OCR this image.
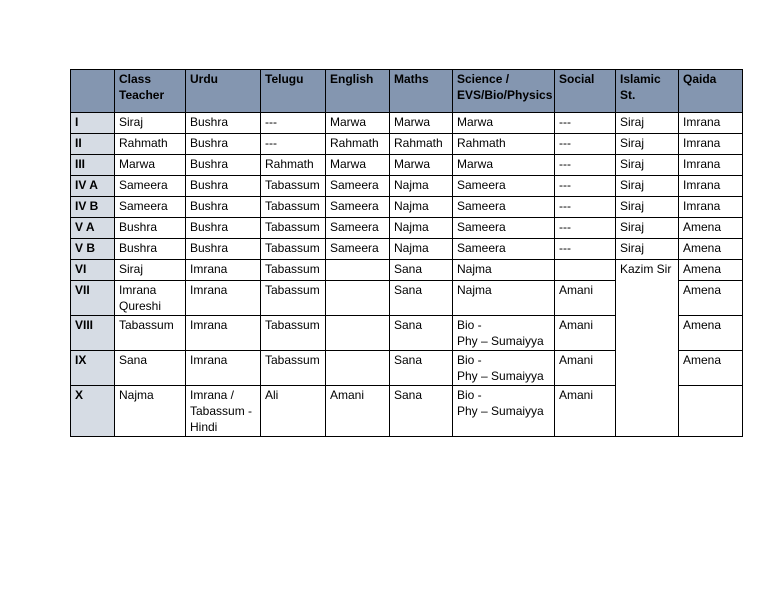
	Class
Teacher	Urdu	Telugu	English	Maths	Science /
EVS/Bio/Physics	Social	Islamic
St.	Qaida
I	Siraj	Bushra	---	Marwa	Marwa	Marwa	---	Siraj	Imrana
II	Rahmath	Bushra	---	Rahmath	Rahmath	Rahmath	---	Siraj	Imrana
III	Marwa	Bushra	Rahmath	Marwa	Marwa	Marwa	---	Siraj	Imrana
IV A	Sameera	Bushra	Tabassum	Sameera	Najma	Sameera	---	Siraj	Imrana
IV B	Sameera	Bushra	Tabassum	Sameera	Najma	Sameera	---	Siraj	Imrana
V A	Bushra	Bushra	Tabassum	Sameera	Najma	Sameera	---	Siraj	Amena
V B	Bushra	Bushra	Tabassum	Sameera	Najma	Sameera	---	Siraj	Amena
VI	Siraj	Imrana	Tabassum		Sana	Najma		Kazim Sir	Amena
VII	Imrana
Qureshi	Imrana	Tabassum		Sana	Najma	Amani		Amena
VIII	Tabassum	Imrana	Tabassum		Sana	Bio -
Phy – Sumaiyya	Amani		Amena
IX	Sana	Imrana	Tabassum		Sana	Bio -
Phy – Sumaiyya	Amani		Amena
X	Najma	Imrana /
Tabassum -
Hindi	Ali	Amani	Sana	Bio -
Phy – Sumaiyya	Amani		
